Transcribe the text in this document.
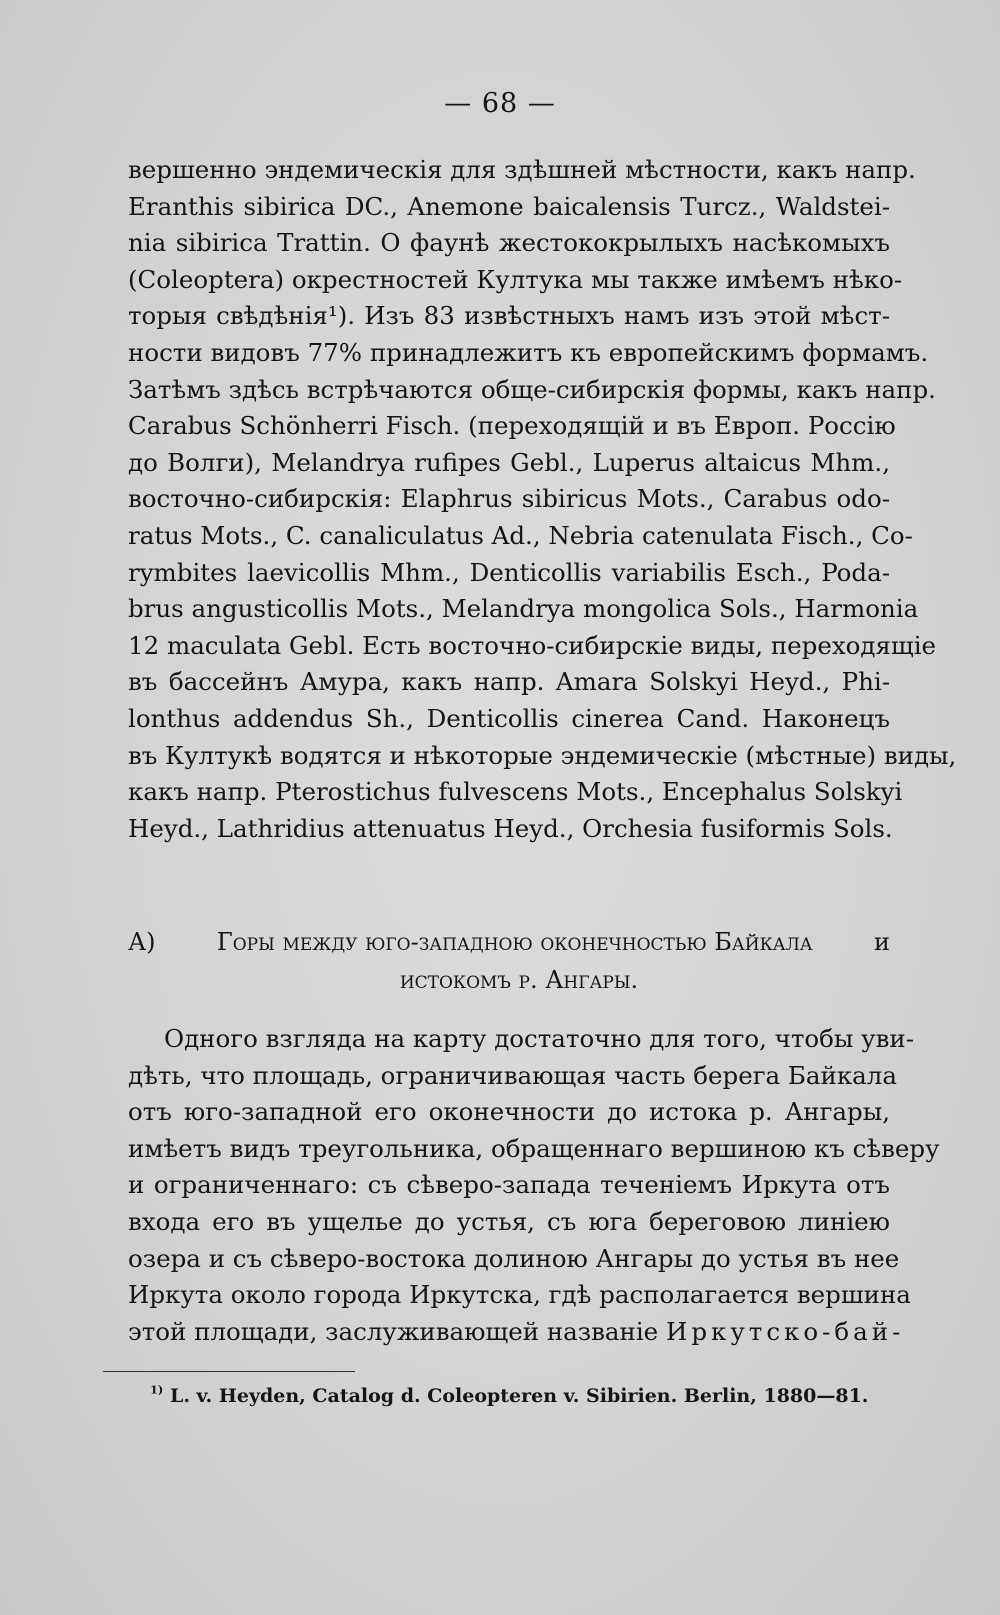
— 68 —
вершенно эндемическія для здѣшней мѣстности, какъ напр.
Eranthis sibirica DC., Anemone baicalensis Turcz., Waldstei-
nia sibirica Trattin. О фаунѣ жестококрылыхъ насѣкомыхъ
(Coleoptera) окрестностей Култука мы также имѣемъ нѣко-
торыя свѣдѣнія¹). Изъ 83 извѣстныхъ намъ изъ этой мѣст-
ности видовъ 77% принадлежитъ къ европейскимъ формамъ.
Затѣмъ здѣсь встрѣчаются обще-сибирскія формы, какъ напр.
Carabus Schönherri Fisch. (переходящій и въ Европ. Россію
до Волги), Melandrya rufipes Gebl., Luperus altaicus Mhm.,
восточно-сибирскія: Elaphrus sibiricus Mots., Carabus odo-
ratus Mots., C. canaliculatus Ad., Nebria catenulata Fisch., Co-
rymbites laevicollis Mhm., Denticollis variabilis Esch., Poda-
brus angusticollis Mots., Melandrya mongolica Sols., Harmonia
12 maculata Gebl. Есть восточно-сибирскіе виды, переходящіе
въ бассейнъ Амура, какъ напр. Amara Solskyi Heyd., Phi-
lonthus addendus Sh., Denticollis cinerea Cand. Наконецъ
въ Култукѣ водятся и нѣкоторые эндемическіе (мѣстные) виды,
какъ напр. Pterostichus fulvescens Mots., Encephalus Solskyi
Heyd., Lathridius attenuatus Heyd., Orchesia fusiformis Sols.
А)	Горы между юго-западною оконечностью Байкала	и
истокомъ р. Ангары.
Одного взгляда на карту достаточно для того, чтобы уви-
дѣть, что площадь, ограничивающая часть берега Байкала
отъ юго-западной его оконечности до истока р. Ангары,
имѣетъ видъ треугольника, обращеннаго вершиною къ сѣверу
и ограниченнаго: съ сѣверо-запада теченіемъ Иркута отъ
входа его въ ущелье до устья, съ юга береговою линіею
озера и съ сѣверо-востока долиною Ангары до устья въ нее
Иркута около города Иркутска, гдѣ располагается вершина
этой площади, заслуживающей названіе Иркутско-бай-
$^{1)}$ L. v. Heyden, Catalog d. Coleopteren v. Sibirien. Berlin, 1880—81.
